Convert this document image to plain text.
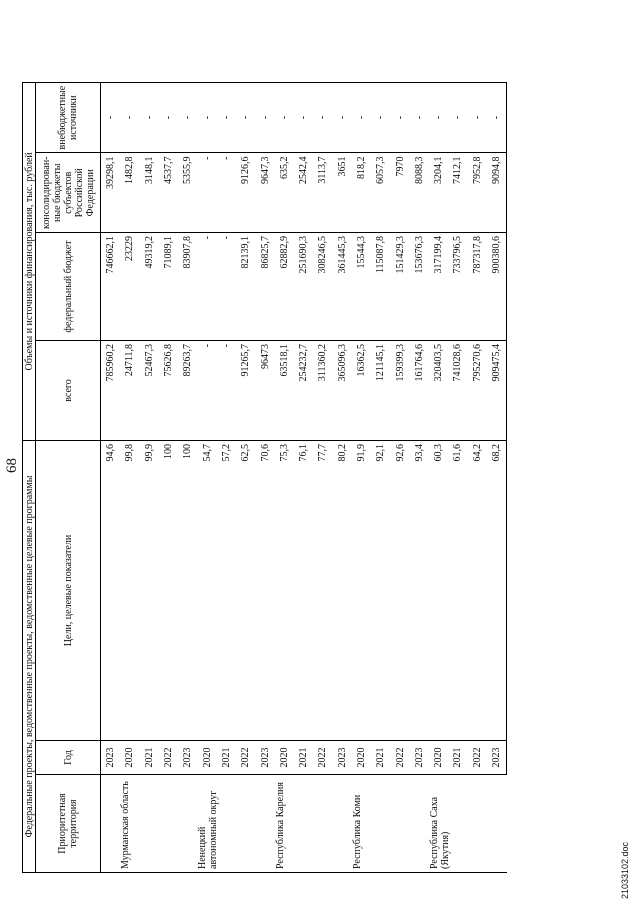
68
Федеральные проекты, ведомственные проекты, ведомственные целевые программы			Объемы и источники финансирования, тыс. рублей			
Приоритетная территория	Год	Цели, целевые показатели	всего	федеральный бюджет	консолидирован-ные бюджеты субъектов Российской Федерации	внебюджетные источники
	2023	94,6	785960,2	746662,1	39298,1	-
Мурманская область	2020	99,8	24711,8	23229	1482,8	-
	2021	99,9	52467,3	49319,2	3148,1	-
	2022	100	75626,8	71089,1	4537,7	-
	2023	100	89263,7	83907,8	5355,9	-
Ненецкий автономный округ	2020	54,7	-	-	-	-
	2021	57,2	-	-	-	-
	2022	62,5	91265,7	82139,1	9126,6	-
	2023	70,6	96473	86825,7	9647,3	-
Республика Карелия	2020	75,3	63518,1	62882,9	635,2	-
	2021	76,1	254232,7	251690,3	2542,4	-
	2022	77,7	311360,2	308246,5	3113,7	-
	2023	80,2	365096,3	361445,3	3651	-
Республика Коми	2020	91,9	16362,5	15544,3	818,2	-
	2021	92,1	121145,1	115087,8	6057,3	-
	2022	92,6	159399,3	151429,3	7970	-
	2023	93,4	161764,6	153676,3	8088,3	-
Республика Саха (Якутия)	2020	60,3	320403,5	317199,4	3204,1	-
	2021	61,6	741028,6	733796,5	7412,1	-
	2022	64,2	795270,6	787317,8	7952,8	-
	2023	68,2	909475,4	900380,6	9094,8	-
21033102.doc
